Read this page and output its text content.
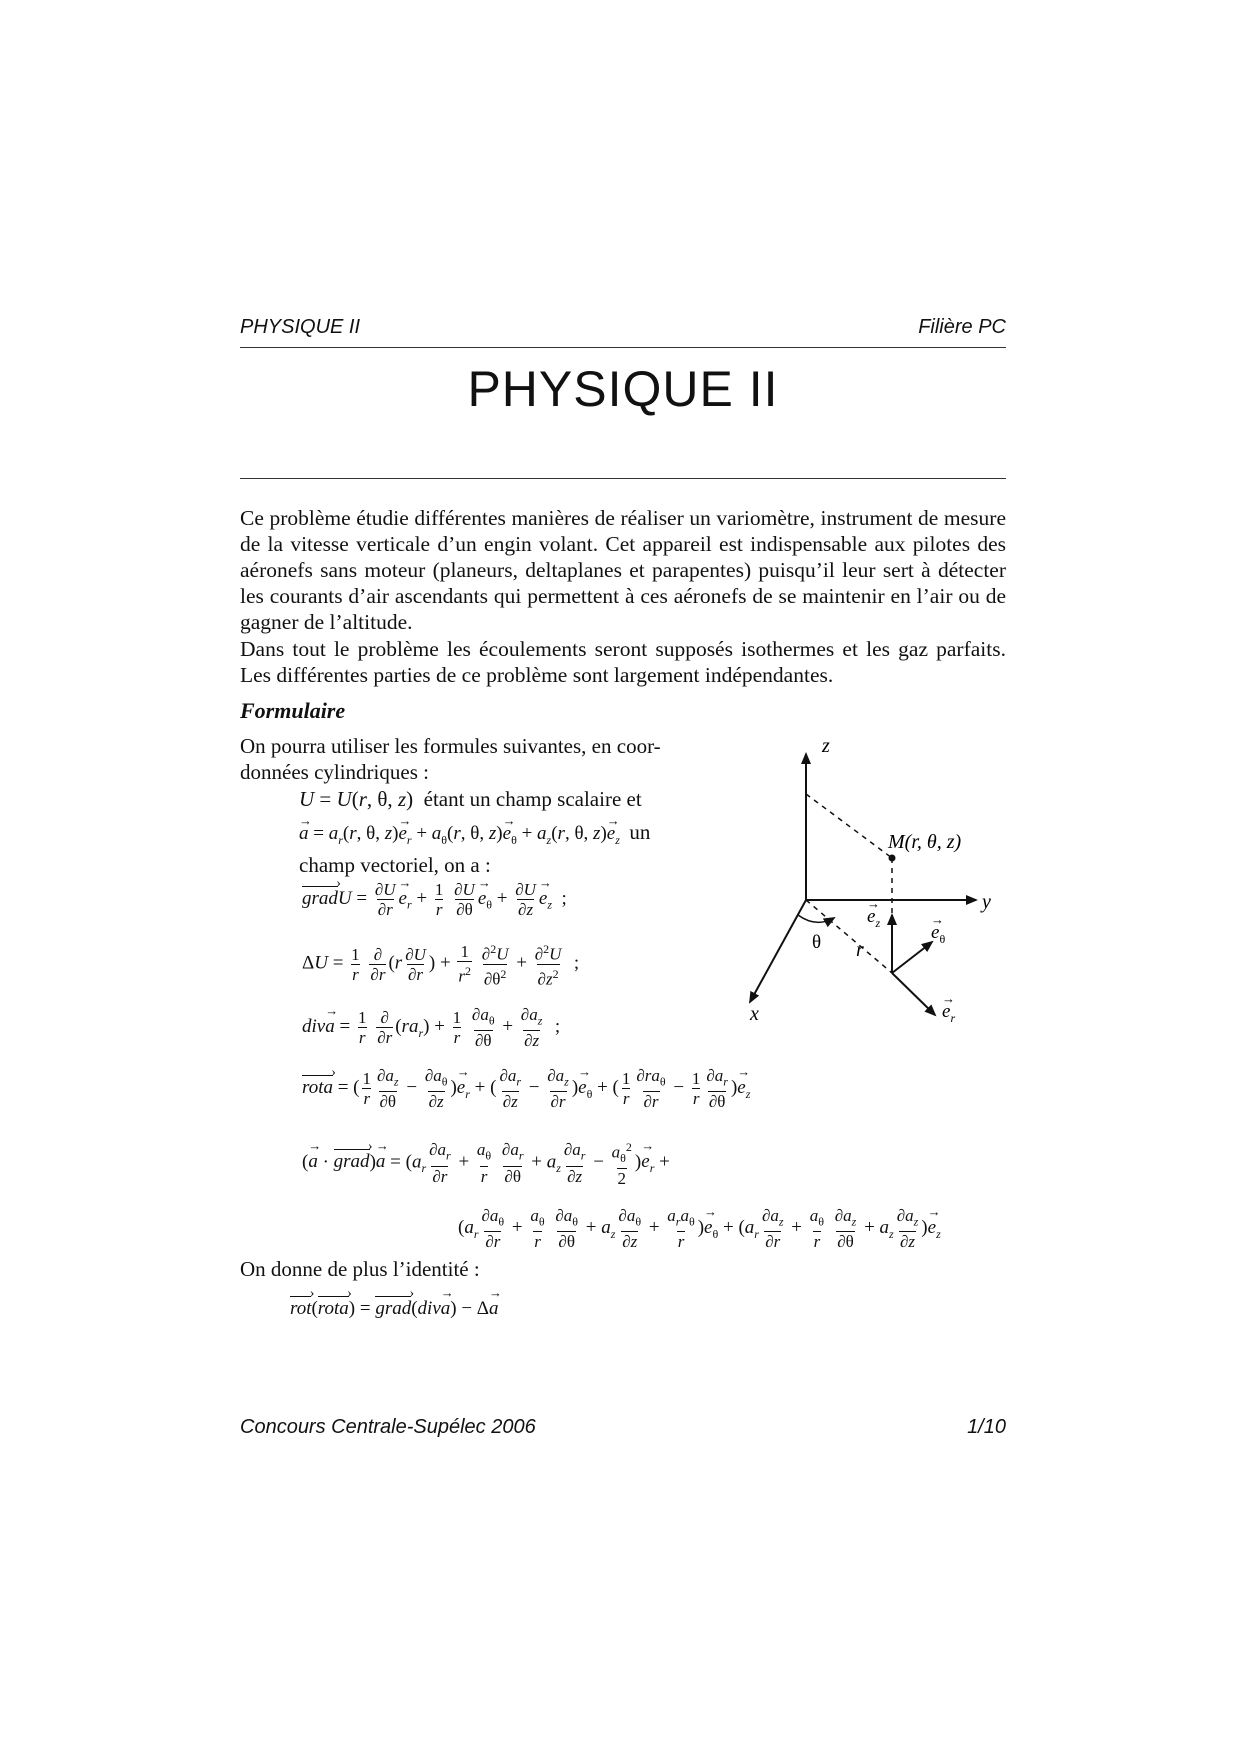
PHYSIQUE II	Filière PC
PHYSIQUE II
Ce problème étudie différentes manières de réaliser un variomètre, instrument de mesure de la vitesse verticale d’un engin volant. Cet appareil est indispensable aux pilotes des aéronefs sans moteur (planeurs, deltaplanes et parapentes) puisqu’il leur sert à détecter les courants d’air ascendants qui permettent à ces aéronefs de se maintenir en l’air ou de gagner de l’altitude.
Dans tout le problème les écoulements seront supposés isothermes et les gaz parfaits. Les différentes parties de ce problème sont largement indépendantes.
Formulaire
On pourra utiliser les formules suivantes, en coor-
données cylindriques :
U = U(r, θ, z)  étant un champ scalaire et
→ $a = a_r(r$, θ, $z)\to e_r + a_\theta(r$, θ, $z)\to e_\theta + a_z(r$, θ, $z)\to e_z$ un
champ vectoriel, on a :
grad ›U = $\frac{\partial U}{\partial r}$
→ $e_r + \frac{1}{r}$
$\frac{\partial U}{\partial\theta}$
→ $e_\theta + \frac{\partial U}{\partial z}$
→ $e_z$  ;
$\Delta U = \frac{1}{r}$
$\frac{\partial}{\partial r} (r \frac{\partial U}{\partial r}$ ) + $\frac{1}{r^2}$
$\frac{\partial^2U}{\partial\theta^2} + \frac{\partial^2U}{\partial z^2}$ ;
$div\to a = \frac{1}{r}$
$\frac{\partial}{\partial r} (ra_r) + \frac{1}{r}$
$\frac{\partial a_\theta}{\partial\theta} + \frac{\partial a_z}{\partial z}$ ;
rota › = ( $\frac{1}{r} \frac{\partial a_z}{\partial\theta} - \frac{\partial a_\theta}{\partial z}$ )→ $e_r$ + ( $\frac{\partial a_r}{\partial z} - \frac{\partial a_z}{\partial r}$ )→ $e_\theta$ + ( $\frac{1}{r} \frac{\partial ra_\theta}{\partial r} - \frac{1}{r} \frac{\partial a_r}{\partial\theta}$ )→ $e_z$
(→ a · grad ›)→ $a = (a_r \frac{\partial a_r}{\partial r} + \frac{a_\theta}{r}$
$\frac{\partial a_r}{\partial\theta} + a_z \frac{\partial a_r}{\partial z} - \frac{a_\theta^2}{2}$ )→ $e_r$ +
($a_r \frac{\partial a_\theta}{\partial r} + \frac{a_\theta}{r}$
$\frac{\partial a_\theta}{\partial\theta} + a_z \frac{\partial a_\theta}{\partial z} + \frac{a_ra_\theta}{r}$ )→ $e_\theta + (a_r \frac{\partial a_z}{\partial r} + \frac{a_\theta}{r}$
$\frac{\partial a_z}{\partial\theta} + a_z \frac{\partial a_z}{\partial z}$ )→ $e_z$
On donne de plus l’identité :
rot ›(rota ›) = grad ›(div→ a) − Δ→ a
z
y
x
M(r, θ, z)
θ r
$e_z$	$e_\theta$
$e_r$
→
→
→
Concours Centrale-Supélec 2006	1/10
